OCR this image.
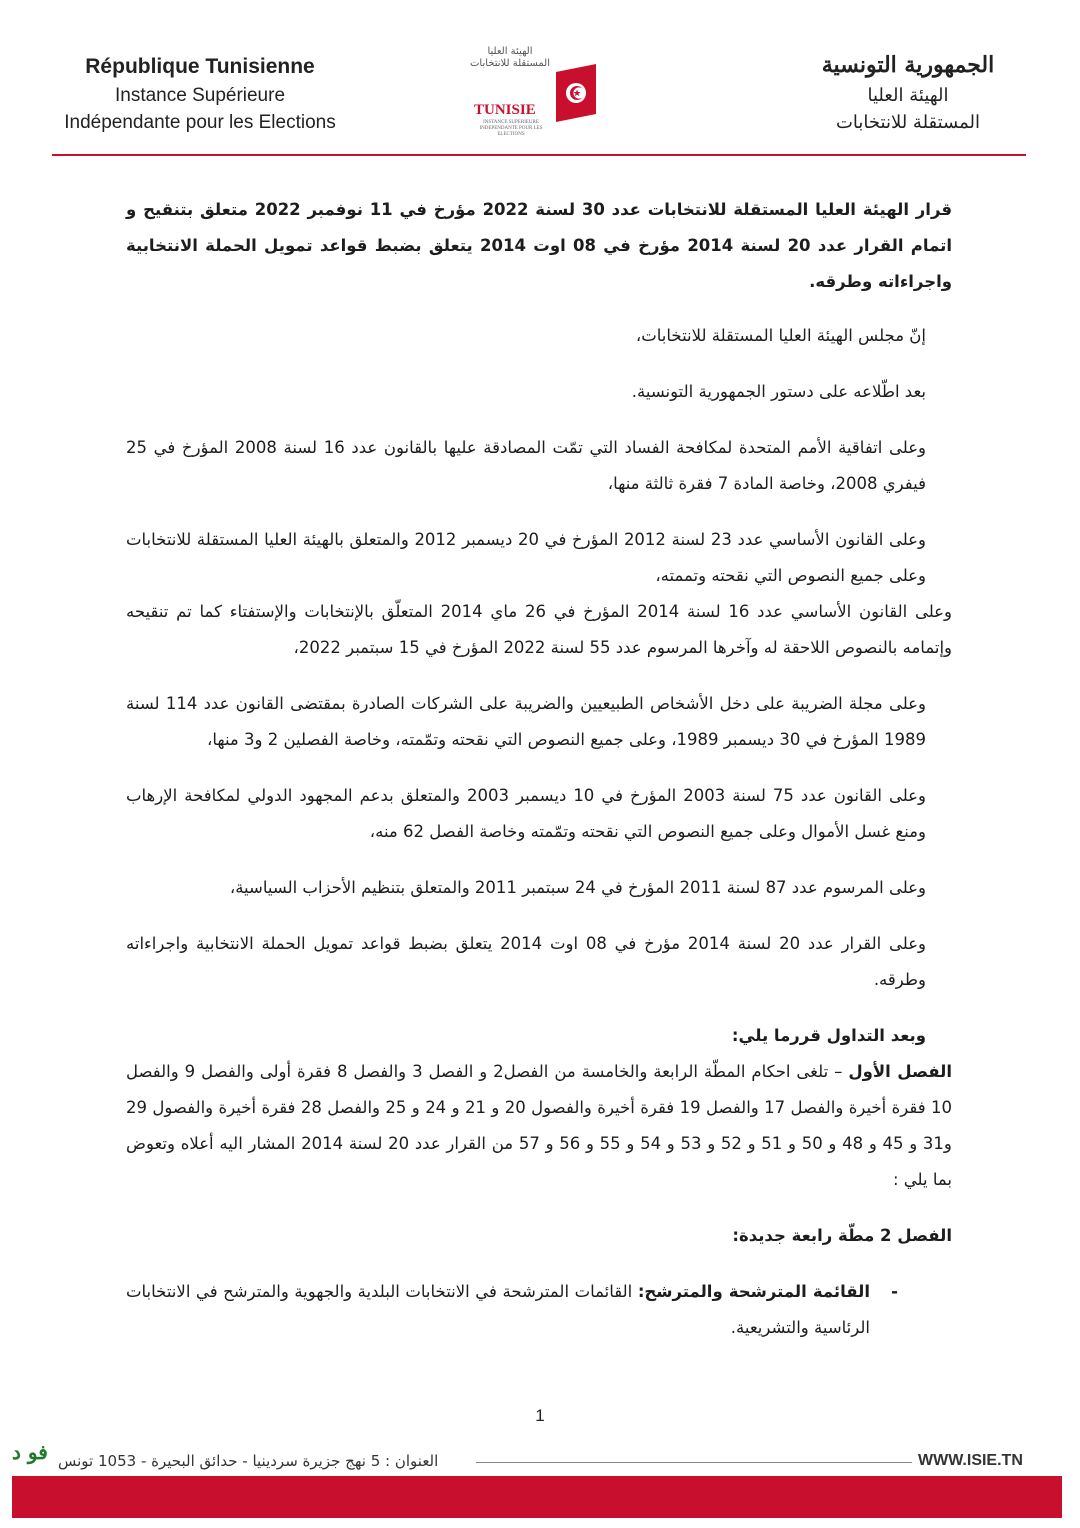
République Tunisienne
Instance Supérieure
Indépendante pour les Elections
الهيئة العليا المستقلة للانتخابات
TUNISIE
INSTANCE SUPERIEURE INDEPENDANTE POUR LES ELECTIONS
الجمهورية التونسية
الهيئة العليا
المستقلة للانتخابات
قرار الهيئة العليا المستقلة للانتخابات عدد 30 لسنة 2022 مؤرخ في 11 نوفمبر 2022 متعلق بتنقيح و اتمام القرار عدد 20 لسنة 2014 مؤرخ في 08 اوت 2014 يتعلق بضبط قواعد تمويل الحملة الانتخابية واجراءاته وطرقه.
إنّ مجلس الهيئة العليا المستقلة للانتخابات،
بعد اطّلاعه على دستور الجمهورية التونسية.
وعلى اتفاقية الأمم المتحدة لمكافحة الفساد التي تمّت المصادقة عليها بالقانون عدد 16 لسنة 2008 المؤرخ في 25 فيفري 2008، وخاصة المادة 7 فقرة ثالثة منها،
وعلى القانون الأساسي عدد 23 لسنة 2012 المؤرخ في 20 ديسمبر 2012 والمتعلق بالهيئة العليا المستقلة للانتخابات وعلى جميع النصوص التي نقحته وتممته،
وعلى القانون الأساسي عدد 16 لسنة 2014 المؤرخ في 26 ماي 2014 المتعلّق بالإنتخابات والإستفتاء كما تم تنقيحه وإتمامه بالنصوص اللاحقة له وآخرها المرسوم عدد 55 لسنة 2022 المؤرخ في 15 سبتمبر 2022،
وعلى مجلة الضريبة على دخل الأشخاص الطبيعيين والضريبة على الشركات الصادرة بمقتضى القانون عدد 114 لسنة 1989 المؤرخ في 30 ديسمبر 1989، وعلى جميع النصوص التي نقحته وتمّمته، وخاصة الفصلين 2 و3 منها،
وعلى القانون عدد 75 لسنة 2003 المؤرخ في 10 ديسمبر 2003 والمتعلق بدعم المجهود الدولي لمكافحة الإرهاب ومنع غسل الأموال وعلى جميع النصوص التي نقحته وتمّمته وخاصة الفصل 62 منه،
وعلى المرسوم عدد 87 لسنة 2011 المؤرخ في 24 سبتمبر 2011 والمتعلق بتنظيم الأحزاب السياسية،
وعلى القرار عدد 20 لسنة 2014 مؤرخ في 08 اوت 2014 يتعلق بضبط قواعد تمويل الحملة الانتخابية واجراءاته وطرقه.
وبعد التداول قررما يلي:
الفصل الأول – تلغى احكام المطّة الرابعة والخامسة من الفصل2 و الفصل 3 والفصل 8 فقرة أولى والفصل 9 والفصل 10 فقرة أخيرة والفصل 17 والفصل 19 فقرة أخيرة والفصول 20 و 21 و 24 و 25 والفصل 28 فقرة أخيرة والفصول 29 و31 و 45 و 48 و 50 و 51 و 52 و 53 و 54 و 55 و 56 و 57 من القرار عدد 20 لسنة 2014 المشار اليه أعلاه وتعوض بما يلي :
الفصل 2 مطّة رابعة جديدة:
-
القائمة المترشحة والمترشح: القائمات المترشحة في الانتخابات البلدية والجهوية والمترشح في الانتخابات الرئاسية والتشريعية.
1
فو د العنوان : 5 نهج جزيرة سردينيا - حدائق البحيرة - 1053 تونس	WWW.ISIE.TN
